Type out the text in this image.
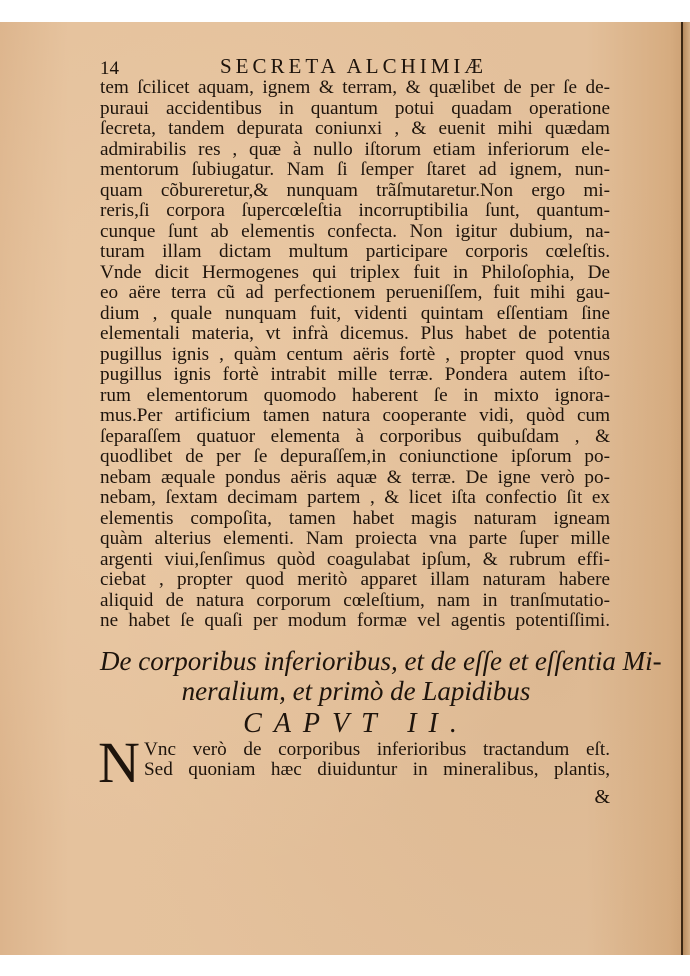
14	SECRETA ALCHIMIÆ
tem ſcilicet aquam, ignem & terram, & quælibet de per ſe de-
puraui accidentibus in quantum potui quadam operatione
ſecreta, tandem depurata coniunxi , & euenit mihi quædam
admirabilis res , quæ à nullo iſtorum etiam inferiorum ele-
mentorum ſubiugatur. Nam ſi ſemper ſtaret ad ignem, nun-
quam cõbureretur,& nunquam trãſmutaretur.Non ergo mi-
reris,ſi corpora ſupercœleſtia incorruptibilia ſunt, quantum-
cunque ſunt ab elementis confecta. Non igitur dubium, na-
turam illam dictam multum participare corporis cœleſtis.
Vnde dicit Hermogenes qui triplex fuit in Philoſophia, De
eo aëre terra cũ ad perfectionem perueniſſem, fuit mihi gau-
dium , quale nunquam fuit, videnti quintam eſſentiam ſine
elementali materia, vt infrà dicemus. Plus habet de potentia
pugillus ignis , quàm centum aëris fortè , propter quod vnus
pugillus ignis fortè intrabit mille terræ. Pondera autem iſto-
rum elementorum quomodo haberent ſe in mixto ignora-
mus.Per artificium tamen natura cooperante vidi, quòd cum
ſeparaſſem quatuor elementa à corporibus quibuſdam , &
quodlibet de per ſe depuraſſem,in coniunctione ipſorum po-
nebam æquale pondus aëris aquæ & terræ. De igne verò po-
nebam, ſextam decimam partem , & licet iſta confectio ſit ex
elementis compoſita, tamen habet magis naturam igneam
quàm alterius elementi. Nam proiecta vna parte ſuper mille
argenti viui,ſenſimus quòd coagulabat ipſum, & rubrum effi-
ciebat , propter quod meritò apparet illam naturam habere
aliquid de natura corporum cœleſtium, nam in tranſmutatio-
ne habet ſe quaſi per modum formæ vel agentis potentiſſimi.
De corporibus inferioribus, et de eſſe et eſſentia Mi-
neralium, et primò de Lapidibus
CAPVT II.
N Vnc verò de corporibus inferioribus tractandum eſt.
Sed quoniam hæc diuiduntur in mineralibus, plantis,
&
